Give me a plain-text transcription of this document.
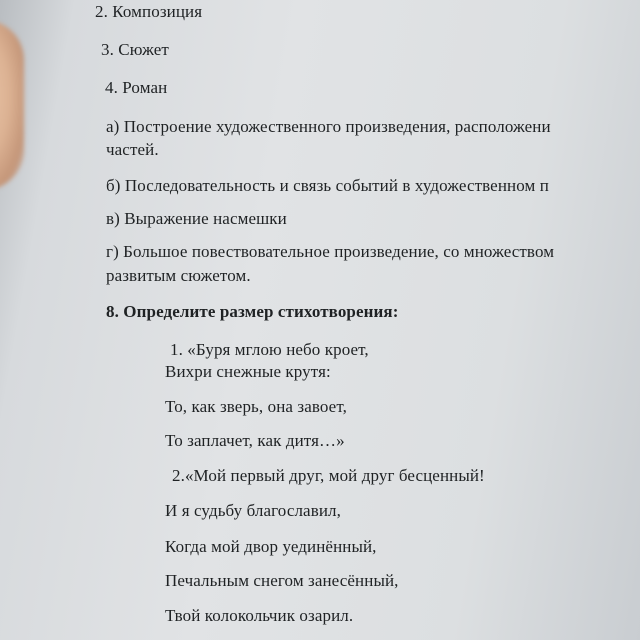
2. Композиция
3. Сюжет
4. Роман
а) Построение художественного произведения, расположени
частей.
б) Последовательность и связь событий в художественном п
в) Выражение насмешки
г) Большое повествовательное произведение, со множеством
развитым сюжетом.
8. Определите размер стихотворения:
1. «Буря мглою небо кроет,
Вихри снежные крутя:
То, как зверь, она завоет,
То заплачет, как дитя…»
2.«Мой первый друг, мой друг бесценный!
И я судьбу благославил,
Когда мой двор уединённый,
Печальным снегом занесённый,
Твой колокольчик озарил.
